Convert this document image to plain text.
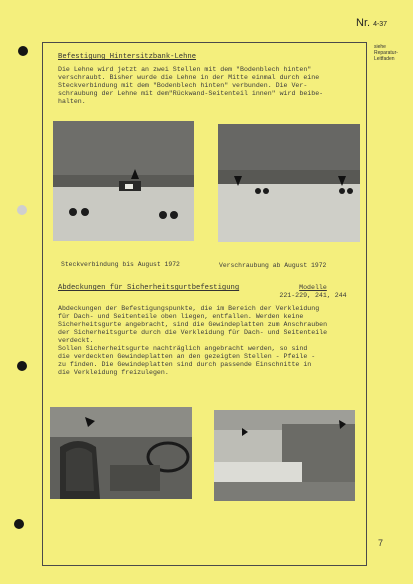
Nr. 4-37
siehe
Reparatur-
Leitfaden
Befestigung Hintersitzbank-Lehne
Die Lehne wird jetzt an zwei Stellen mit dem "Bodenblech hinten"
verschraubt. Bisher wurde die Lehne in der Mitte einmal durch eine
Steckverbindung mit dem "Bodenblech hinten" verbunden. Die Ver-
schraubung der Lehne mit dem"Rückwand-Seitenteil innen" wird beibe-
halten.
Steckverbindung bis August 1972	Verschraubung ab August 1972
Abdeckungen für Sicherheitsgurtbefestigung	Modelle
221-229, 241, 244
Abdeckungen der Befestigungspunkte, die im Bereich der Verkleidung
für Dach- und Seitenteile oben liegen, entfallen. Werden keine
Sicherheitsgurte angebracht, sind die Gewindeplatten zum Anschrauben
der Sicherheitsgurte durch die Verkleidung für Dach- und Seitenteile
verdeckt.
Sollen Sicherheitsgurte nachträglich angebracht werden, so sind
die verdeckten Gewindeplatten an den gezeigten Stellen - Pfeile -
zu finden. Die Gewindeplatten sind durch passende Einschnitte in
die Verkleidung freizulegen.
7
